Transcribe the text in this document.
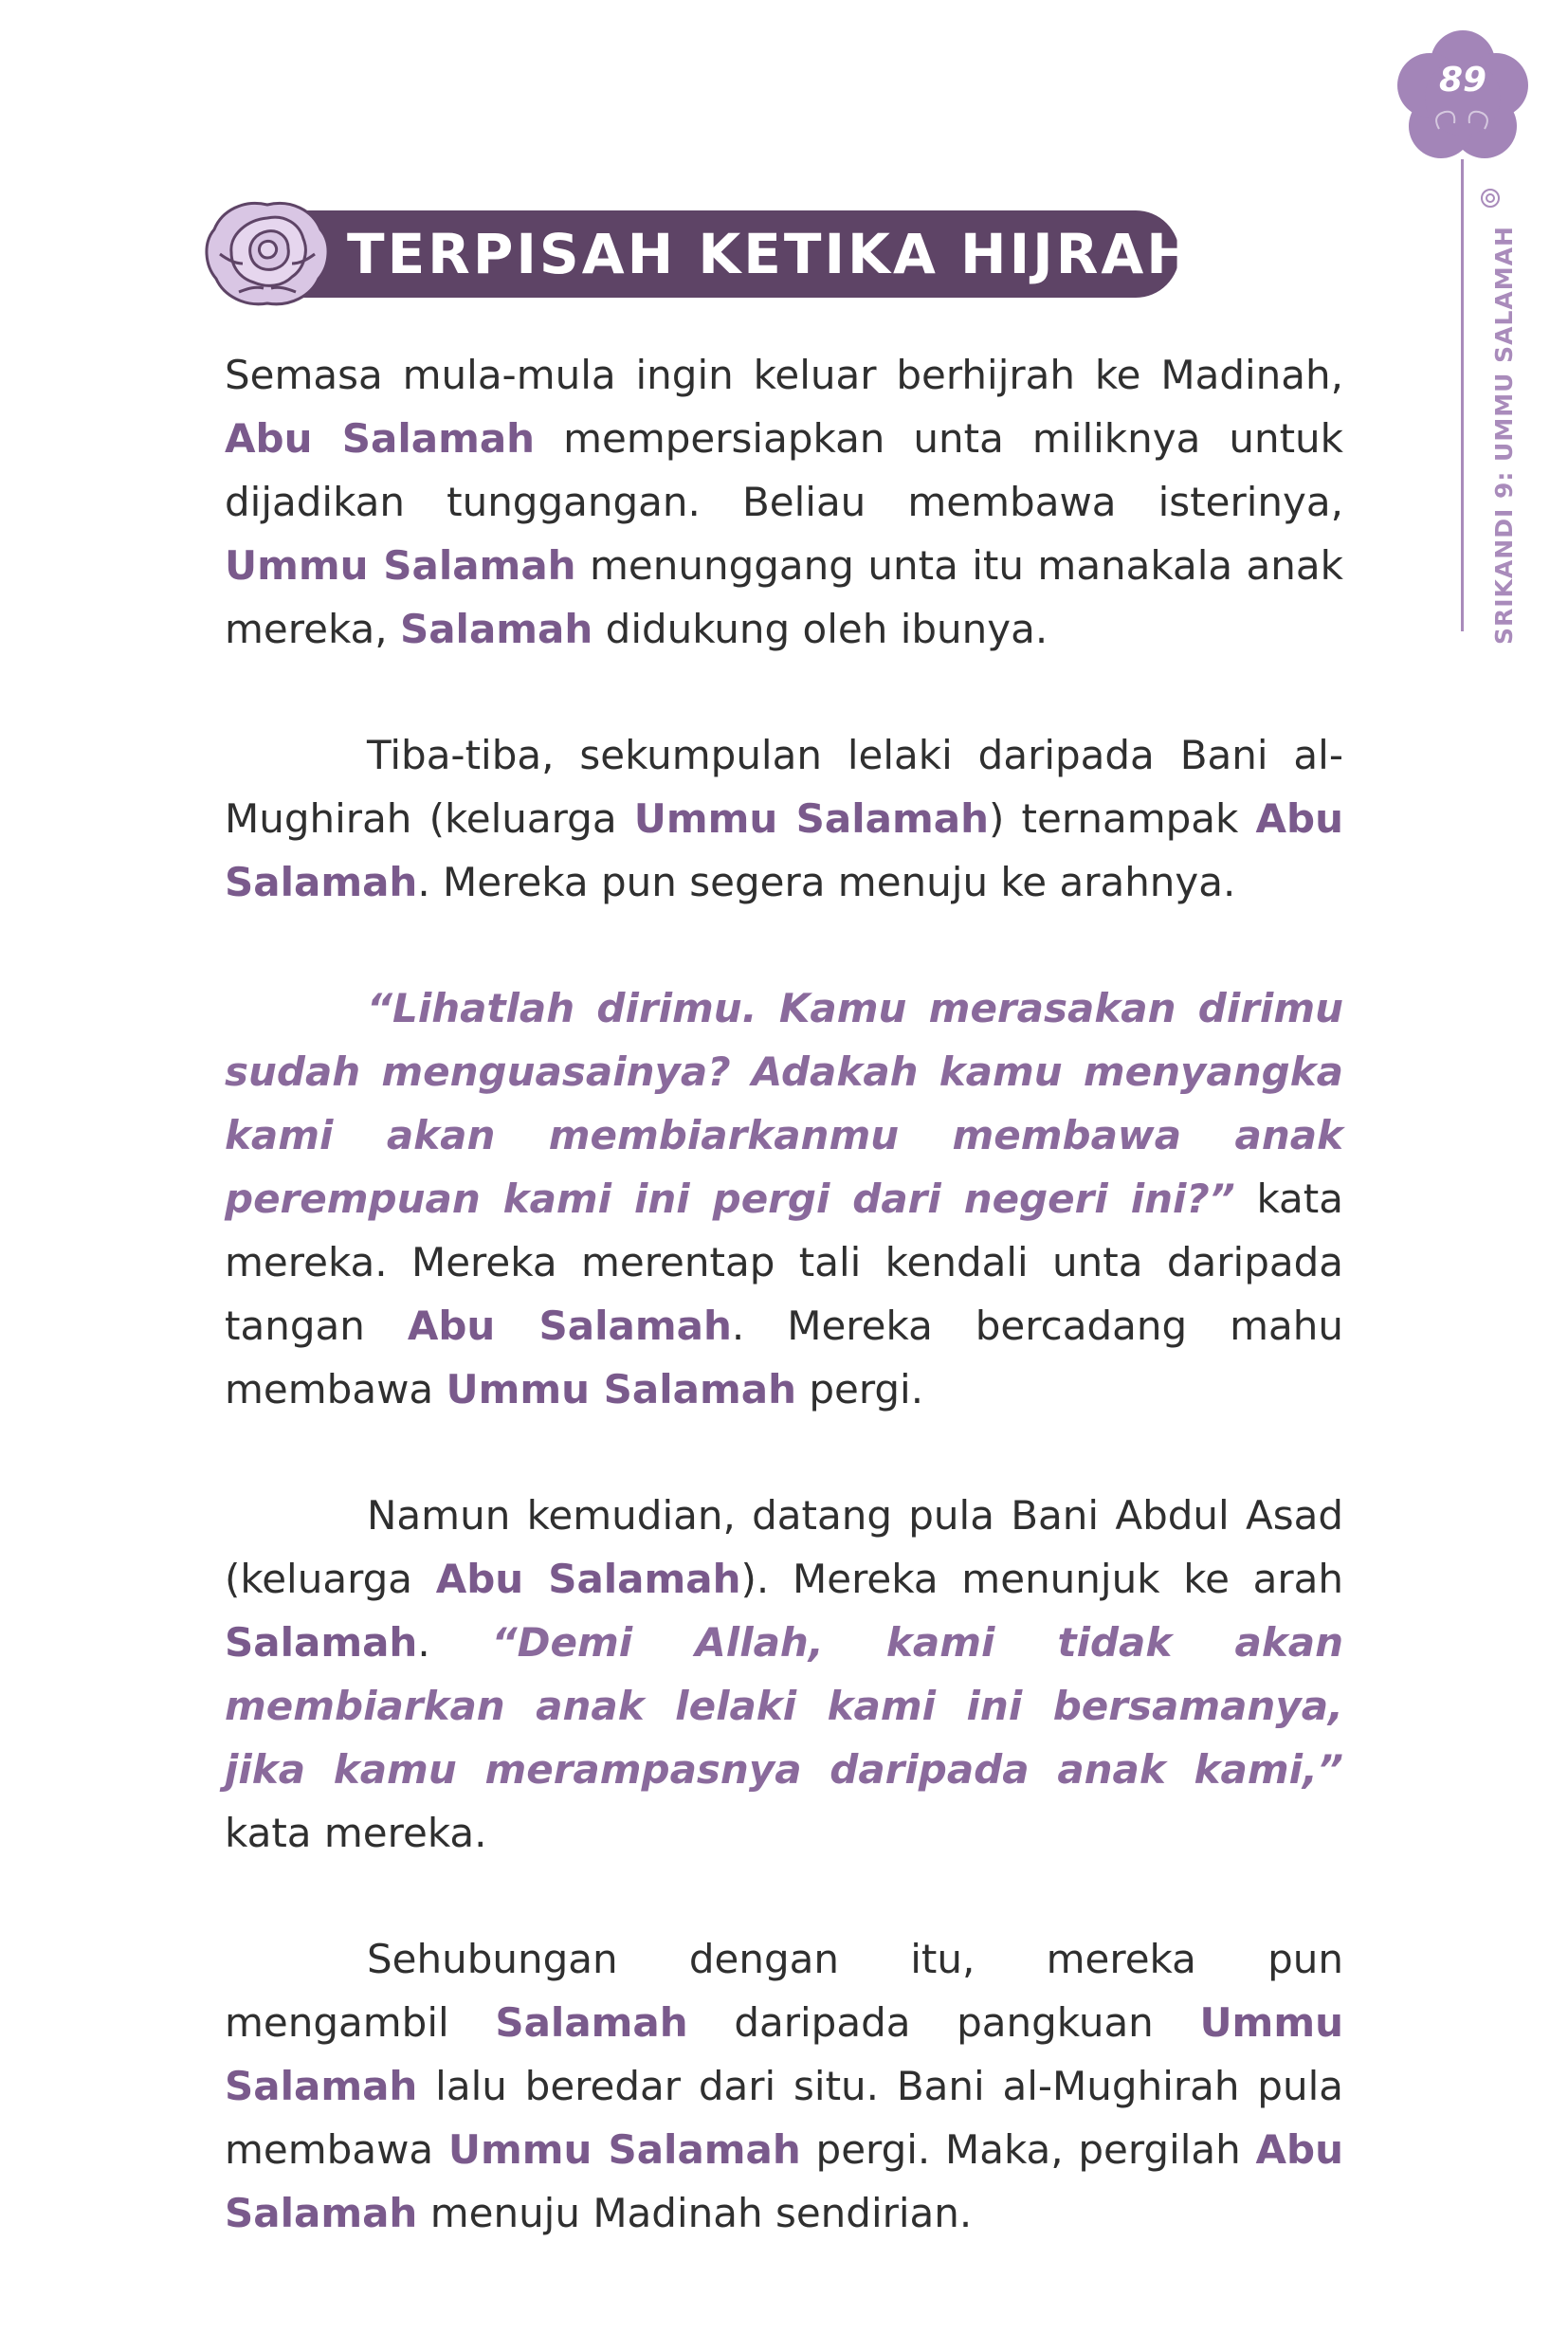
89
SRIKANDI 9: UMMU SALAMAH
TERPISAH KETIKA HIJRAH

Semasa mula-mula ingin keluar berhijrah ke Madinah, Abu Salamah mempersiapkan unta miliknya untuk dijadikan tunggangan. Beliau membawa isterinya, Ummu Salamah menunggang unta itu manakala anak mereka, Salamah didukung oleh ibunya.

Tiba-tiba, sekumpulan lelaki daripada Bani al-Mughirah (keluarga Ummu Salamah) ternampak Abu Salamah. Mereka pun segera menuju ke arahnya.

“Lihatlah dirimu. Kamu merasakan dirimu sudah menguasainya? Adakah kamu menyangka kami akan membiarkanmu membawa anak perempuan kami ini pergi dari negeri ini?” kata mereka. Mereka merentap tali kendali unta daripada tangan Abu Salamah. Mereka bercadang mahu membawa Ummu Salamah pergi.

Namun kemudian, datang pula Bani Abdul Asad (keluarga Abu Salamah). Mereka menunjuk ke arah Salamah. “Demi Allah, kami tidak akan membiarkan anak lelaki kami ini bersamanya, jika kamu merampasnya daripada anak kami,” kata mereka.

Sehubungan dengan itu, mereka pun mengambil Salamah daripada pangkuan Ummu Salamah lalu beredar dari situ. Bani al-Mughirah pula membawa Ummu Salamah pergi. Maka, pergilah Abu Salamah menuju Madinah sendirian.
